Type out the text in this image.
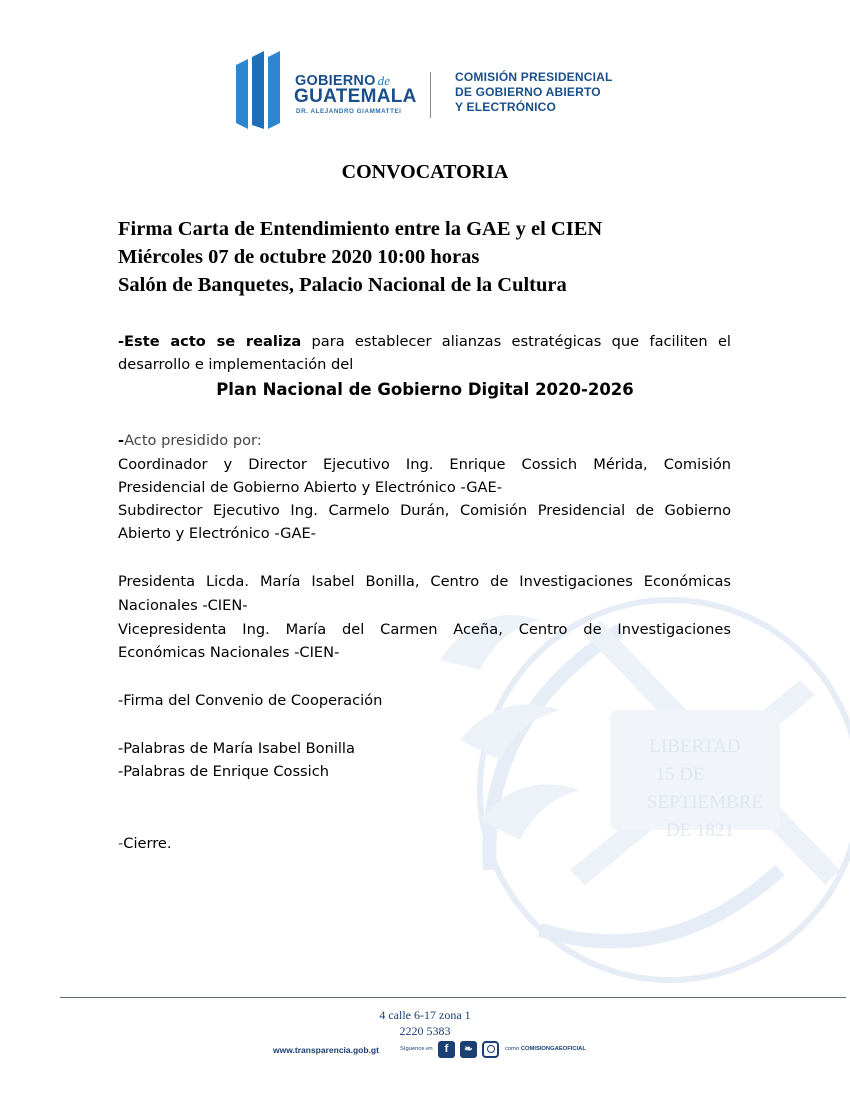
LIBERTAD
15 DE
SEPTIEMBRE
DE 1821
GOBIERNO de
GUATEMALA
DR. ALEJANDRO GIAMMATTEI
COMISIÓN PRESIDENCIAL
DE GOBIERNO ABIERTO
Y ELECTRÓNICO
CONVOCATORIA
Firma Carta de Entendimiento entre la GAE y el CIEN
Miércoles 07 de octubre 2020 10:00 horas
Salón de Banquetes, Palacio Nacional de la Cultura
-Este acto se realiza para establecer alianzas estratégicas que faciliten el
desarrollo e implementación del
Plan Nacional de Gobierno Digital 2020-2026
-Acto presidido por:
Coordinador y Director Ejecutivo Ing. Enrique Cossich Mérida, Comisión
Presidencial de Gobierno Abierto y Electrónico -GAE-
Subdirector Ejecutivo Ing. Carmelo Durán, Comisión Presidencial de Gobierno
Abierto y Electrónico -GAE-
Presidenta Licda. María Isabel Bonilla, Centro de Investigaciones Económicas
Nacionales -CIEN-
Vicepresidenta Ing. María del Carmen Aceña, Centro de Investigaciones
Económicas Nacionales -CIEN-
-Firma del Convenio de Cooperación
-Palabras de María Isabel Bonilla
-Palabras de Enrique Cossich
-Cierre.
4 calle 6-17 zona 1
2220 5383
www.transparencia.gob.gt	Síguenos en	f	❧	como COMISIONGAEOFICIAL
